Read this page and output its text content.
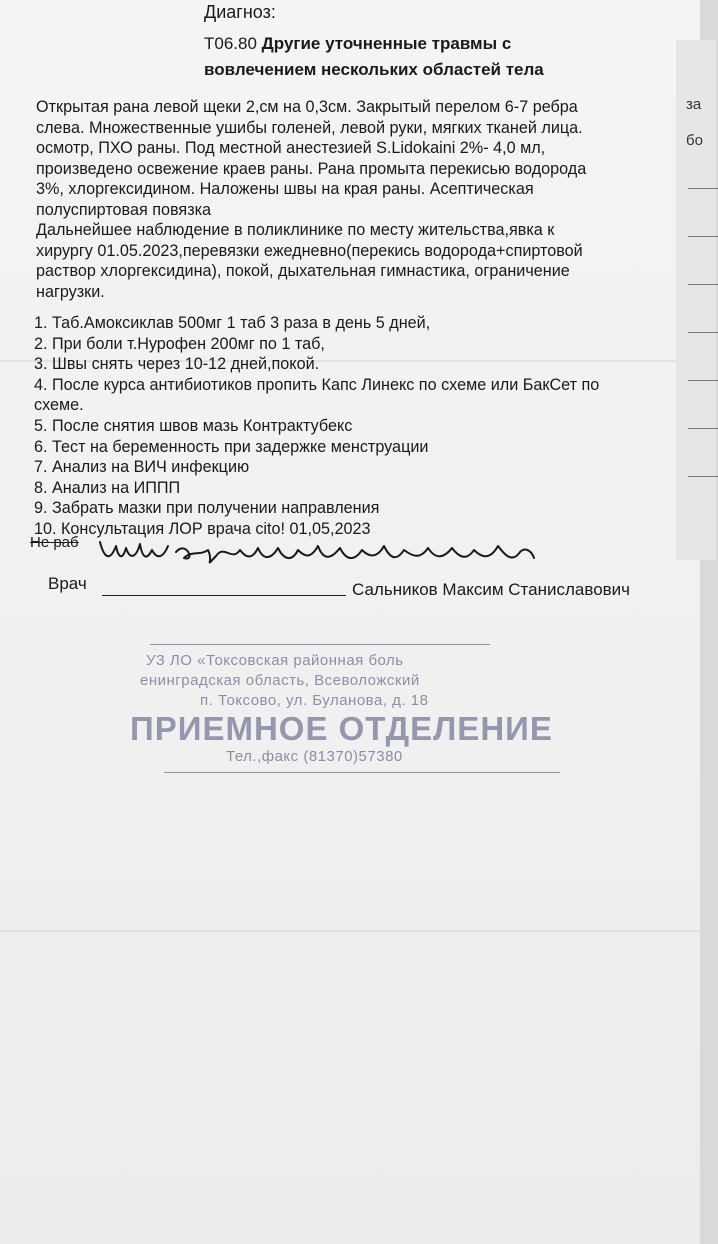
за
бо
Диагноз:
T06.80 Другие уточненные травмы с
вовлечением нескольких областей тела

Открытая рана левой щеки 2,см на 0,3см. Закрытый перелом 6-7 ребра

слева. Множественные ушибы голеней, левой руки, мягких тканей лица.

осмотр, ПХО раны. Под местной анестезией S.Lidokaini 2%- 4,0 мл,

произведено освежение краев раны. Рана промыта перекисью водорода

3%, хлоргексидином. Наложены швы на края раны. Асептическая

полуспиртовая повязка

Дальнейшее наблюдение в поликлинике по месту жительства,явка к

хирургу 01.05.2023,перевязки ежедневно(перекись водорода+спиртовой

раствор хлоргексидина), покой, дыхательная гимнастика, ограничение

нагрузки.

1. Таб.Амоксиклав 500мг 1 таб 3 раза в день 5 дней,
2. При боли т.Нурофен 200мг по 1 таб,
3. Швы снять через 10-12 дней,покой.
4. После курса антибиотиков пропить Капс Линекс по схеме или БакСет по
схеме.
5. После снятия швов мазь Контрактубекс
6. Тест на беременность при задержке менструации
7. Анализ на ВИЧ инфекцию
8. Анализ на ИППП
9. Забрать мазки при получении направления
10. Консультация ЛОР врача cito! 01,05,2023
Не раб
Врач	Сальников Максим Станиславович
УЗ ЛО «Токсовская районная боль
енинградская область, Всеволожский
п. Токсово, ул. Буланова, д. 18
ПРИЕМНОЕ ОТДЕЛЕНИЕ
Тел.,факс (81370)57380
